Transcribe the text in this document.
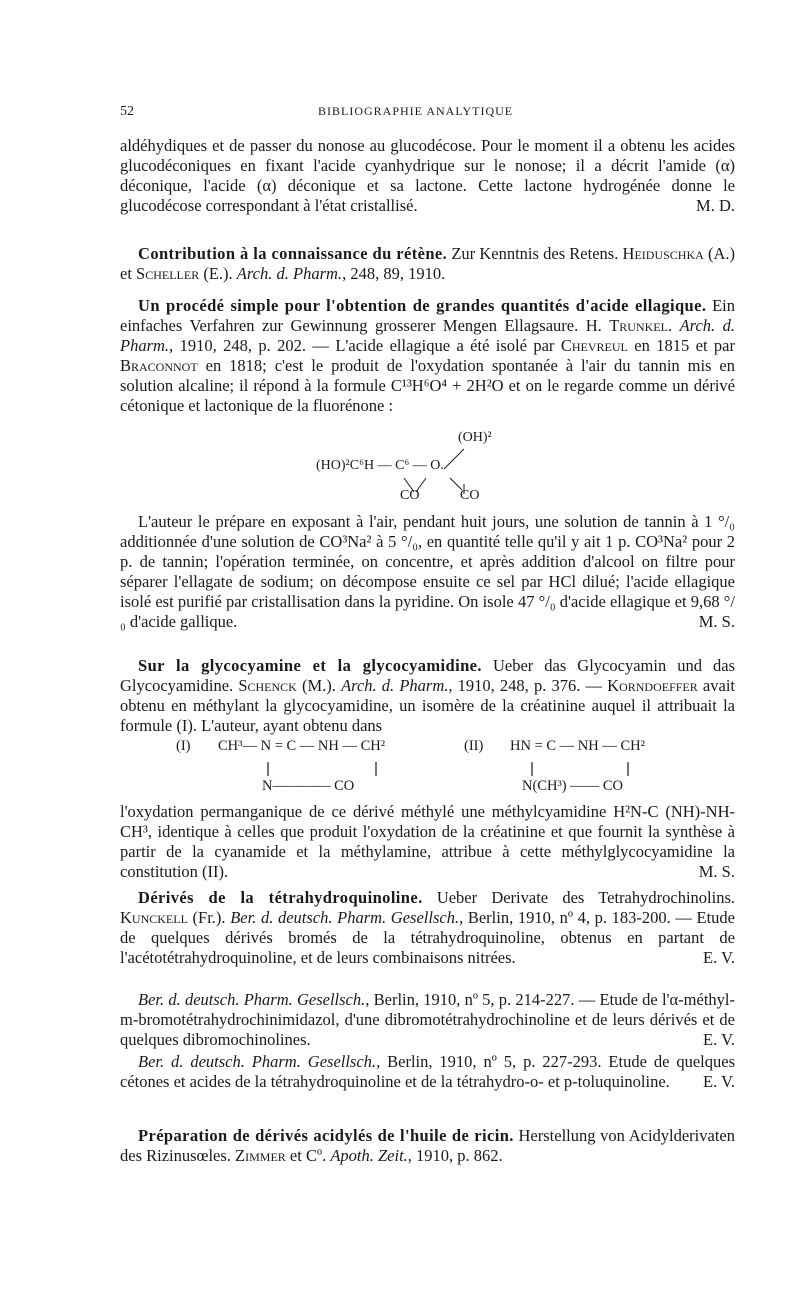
52	BIBLIOGRAPHIE ANALYTIQUE

aldéhydiques et de passer du nonose au glucodécose. Pour le moment il a obtenu les acides glucodéconiques en fixant l'acide cyanhydrique sur le nonose; il a décrit l'amide (α) déconique, l'acide (α) déconique et sa lactone. Cette lactone hydrogénée donne le glucodécose correspondant à l'état cristallisé.	M. D.

Contribution à la connaissance du rétène. Zur Kenntnis des Retens. Heiduschka (A.) et Scheller (E.). Arch. d. Pharm., 248, 89, 1910.

Un procédé simple pour l'obtention de grandes quantités d'acide ellagique. Ein einfaches Verfahren zur Gewinnung grosserer Mengen Ellagsaure. H. Trunkel. Arch. d. Pharm., 1910, 248, p. 202. — L'acide ellagique a été isolé par Chevreul en 1815 et par Braconnot en 1818; c'est le produit de l'oxydation spontanée à l'air du tannin mis en solution alcaline; il répond à la formule C¹³H⁶O⁴ + 2H²O et on le regarde comme un dérivé cétonique et lactonique de la fluorénone :

(OH)²
(HO)²C⁶H — C⁶ — O.
CO	CO

L'auteur le prépare en exposant à l'air, pendant huit jours, une solution de tannin à 1 °/₀ additionnée d'une solution de CO³Na² à 5 °/₀, en quantité telle qu'il y ait 1 p. CO³Na² pour 2 p. de tannin; l'opération terminée, on concentre, et après addition d'alcool on filtre pour séparer l'ellagate de sodium; on décompose ensuite ce sel par HCl dilué; l'acide ellagique isolé est purifié par cristallisation dans la pyridine. On isole 47 °/₀ d'acide ellagique et 9,68 °/₀ d'acide gallique.	M. S.

Sur la glycocyamine et la glycocyamidine. Ueber das Glycocyamin und das Glycocyamidine. Schenck (M.). Arch. d. Pharm., 1910, 248, p. 376. — Korndoeffer avait obtenu en méthylant la glycocyamidine, un isomère de la créatinine auquel il attribuait la formule (I). L'auteur, ayant obtenu dans

(I) CH³— N = C — NH — CH²	(II) HN = C — NH — CH²
N———— CO	N(CH³) —— CO

l'oxydation permanganique de ce dérivé méthylé une méthylcyamidine H²N-C (NH)-NH-CH³, identique à celles que produit l'oxydation de la créatinine et que fournit la synthèse à partir de la cyanamide et la méthylamine, attribue à cette méthylglycocyamidine la constitution (II).	M. S.

Dérivés de la tétrahydroquinoline. Ueber Derivate des Tetrahydrochinolins. Kunckell (Fr.). Ber. d. deutsch. Pharm. Gesellsch., Berlin, 1910, nº 4, p. 183-200. — Etude de quelques dérivés bromés de la tétrahydroquinoline, obtenus en partant de l'acétotétrahydroquinoline, et de leurs combinaisons nitrées.	E. V.

Ber. d. deutsch. Pharm. Gesellsch., Berlin, 1910, nº 5, p. 214-227. — Etude de l'α-méthyl-m-bromotétrahydrochinimidazol, d'une dibromotétrahydrochinoline et de leurs dérivés et de quelques dibromochinolines.	E. V.

Ber. d. deutsch. Pharm. Gesellsch., Berlin, 1910, nº 5, p. 227-293. Etude de quelques cétones et acides de la tétrahydroquinoline et de la tétrahydro-o- et p-toluquinoline.	E. V.

Préparation de dérivés acidylés de l'huile de ricin. Herstellung von Acidylderivaten des Rizinusœles. Zimmer et Cº. Apoth. Zeit., 1910, p. 862.
